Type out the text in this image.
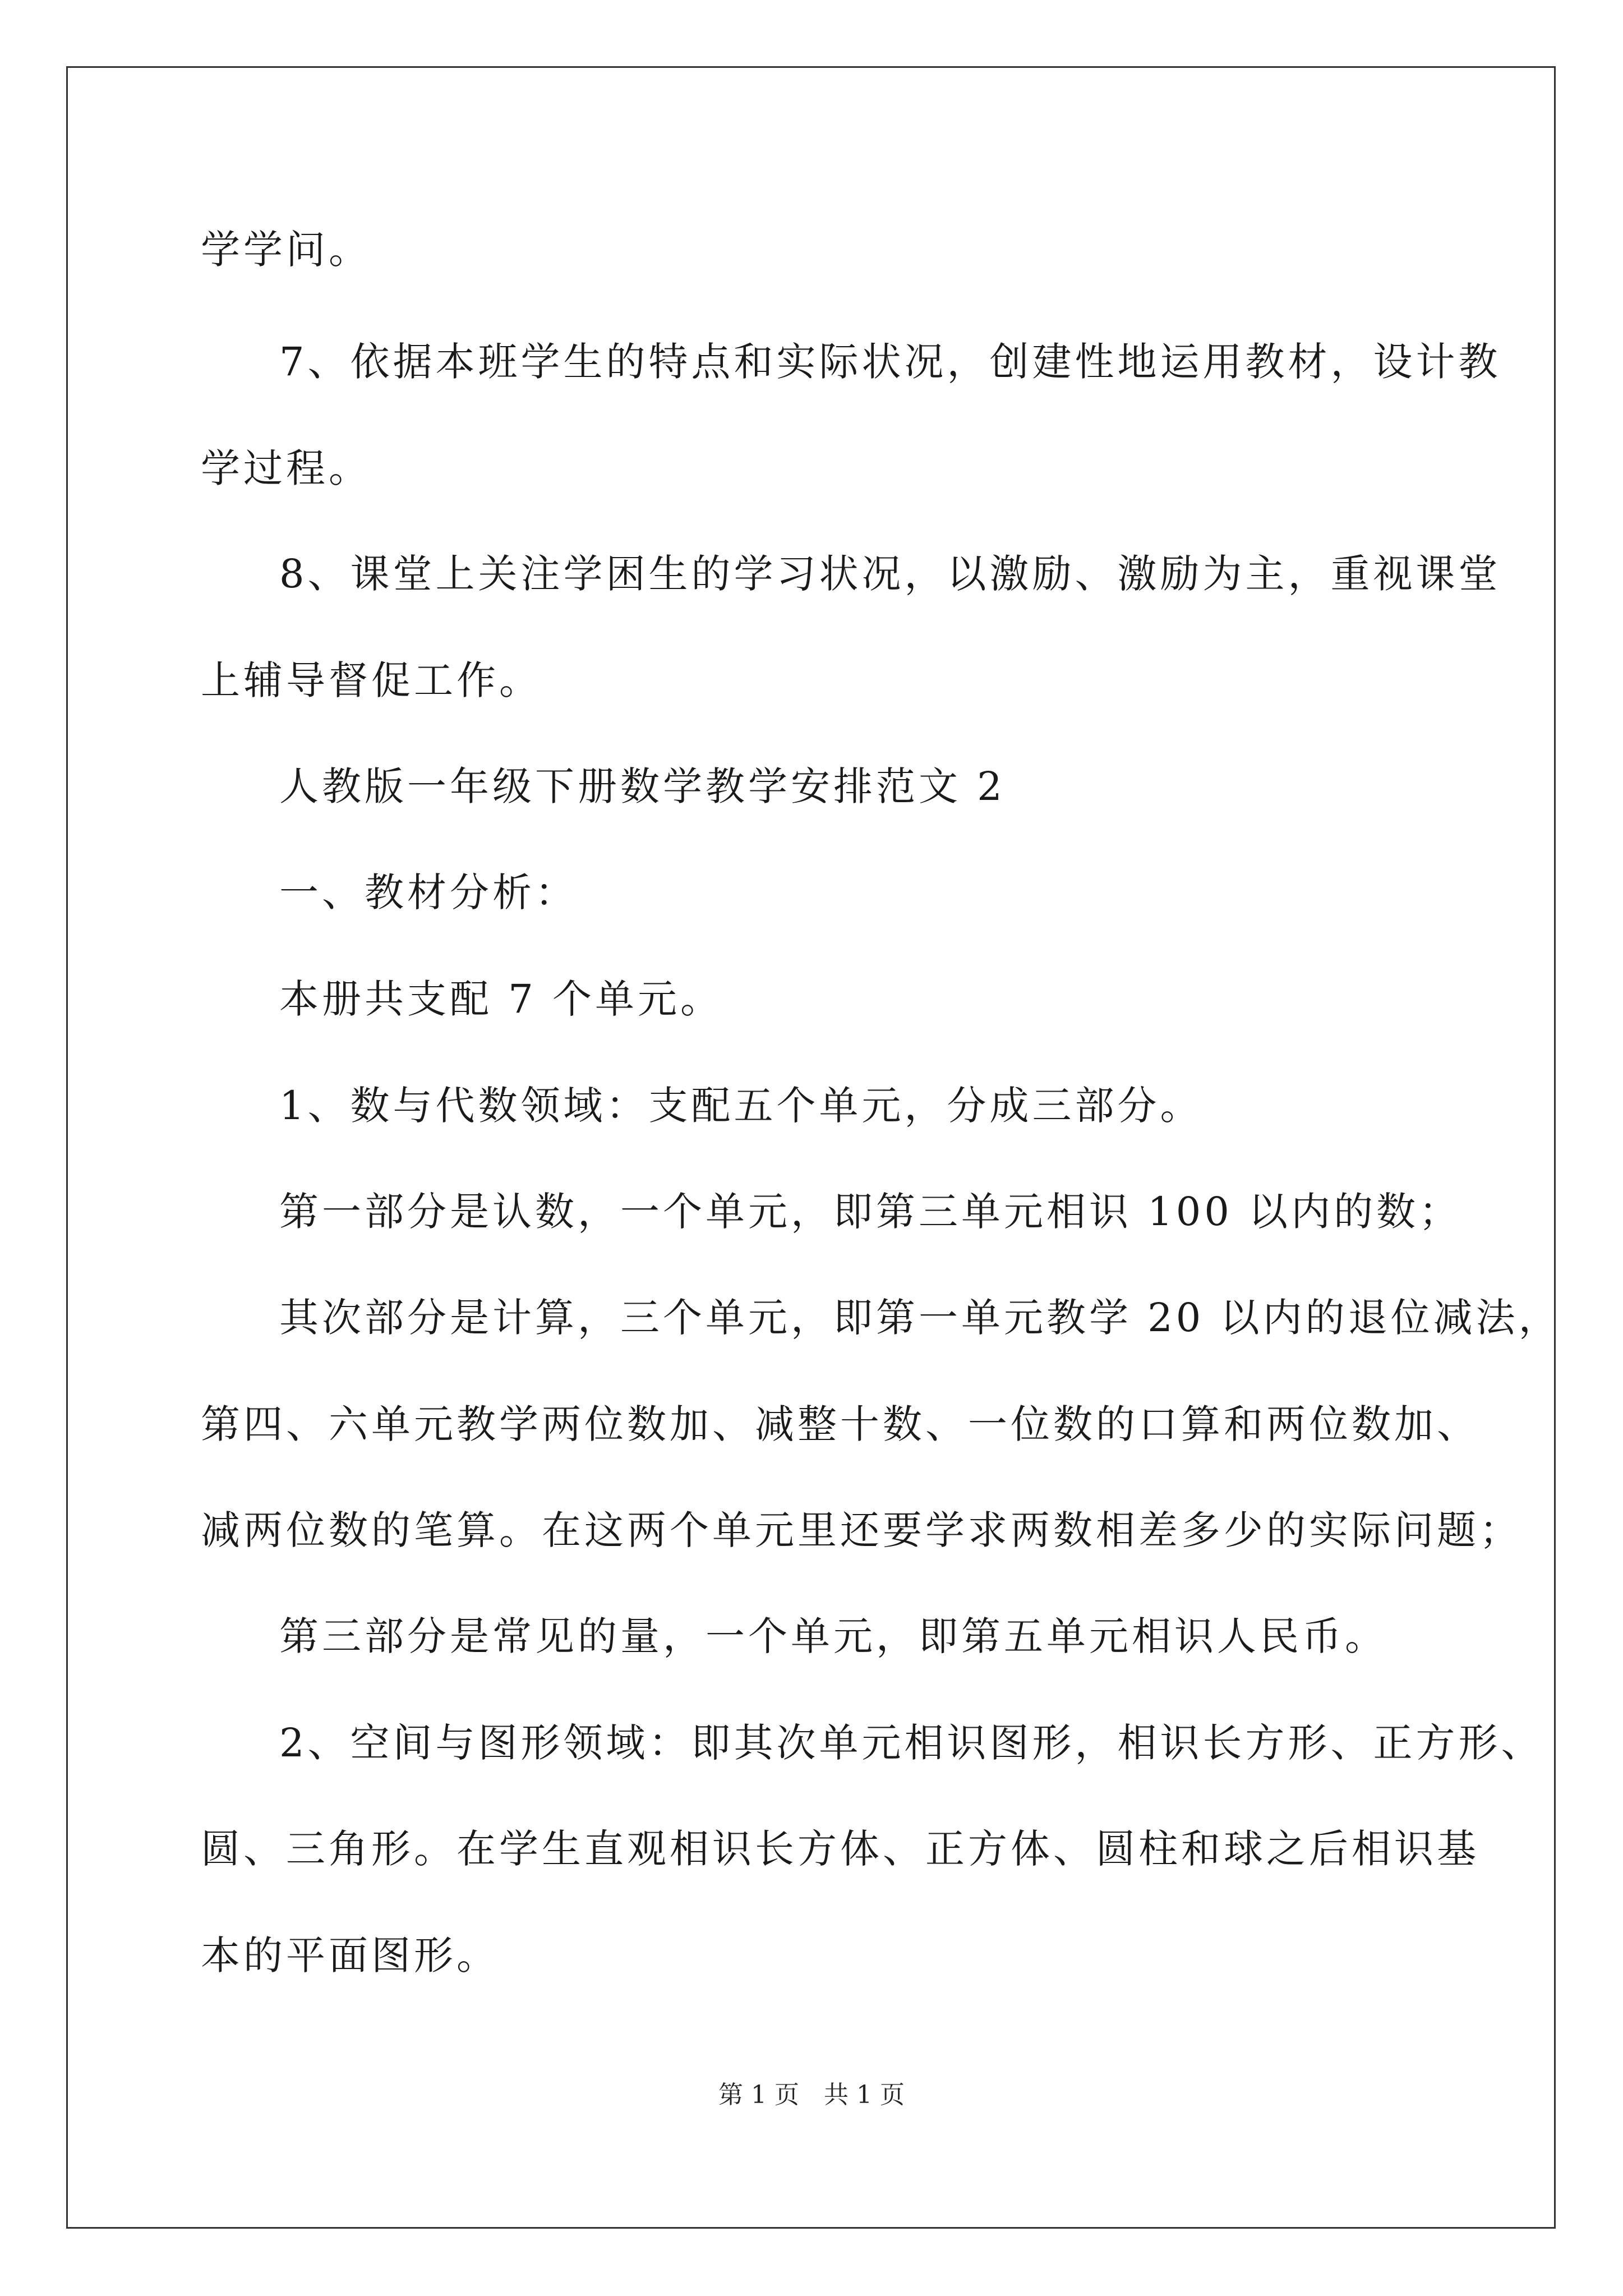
学学问。
7、依据本班学生的特点和实际状况，创建性地运用教材，设计教
学过程。
8、课堂上关注学困生的学习状况，以激励、激励为主，重视课堂
上辅导督促工作。
人教版一年级下册数学教学安排范文 2
一、教材分析：
本册共支配 7 个单元。
1、数与代数领域：支配五个单元，分成三部分。
第一部分是认数，一个单元，即第三单元相识 100 以内的数；
其次部分是计算，三个单元，即第一单元教学 20 以内的退位减法，
第四、六单元教学两位数加、减整十数、一位数的口算和两位数加、
减两位数的笔算。在这两个单元里还要学求两数相差多少的实际问题；
第三部分是常见的量，一个单元，即第五单元相识人民币。
2、空间与图形领域：即其次单元相识图形，相识长方形、正方形、
圆、三角形。在学生直观相识长方体、正方体、圆柱和球之后相识基
本的平面图形。
第 1 页　共 1 页
